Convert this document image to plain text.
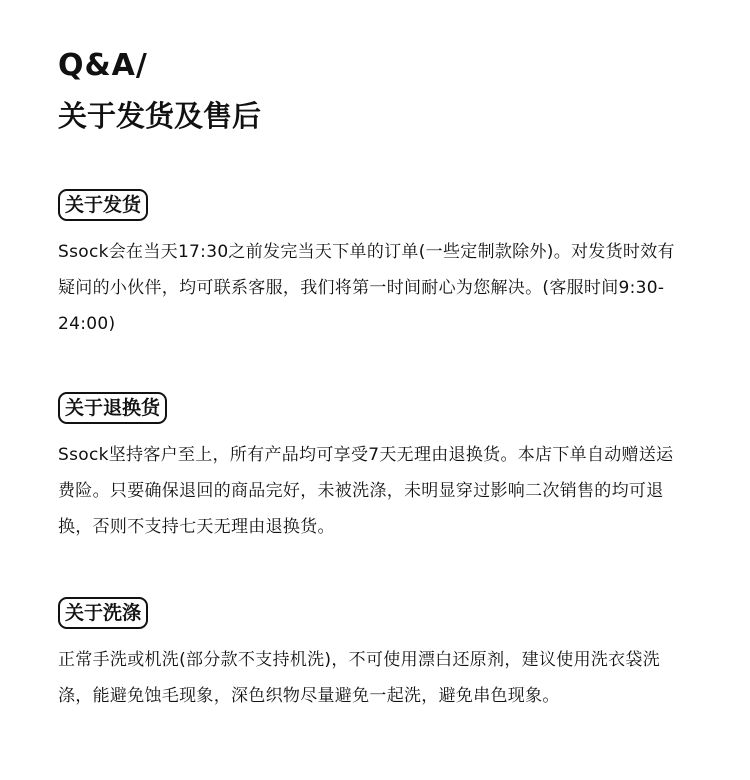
Q&A/
关于发货及售后
关于发货

Ssock会在当天17:30之前发完当天下单的订单(一些定制款除外)。对发货时效有疑问的小伙伴，均可联系客服，我们将第一时间耐心为您解决。(客服时间9:30-24:00)

关于退换货

Ssock坚持客户至上，所有产品均可享受7天无理由退换货。本店下单自动赠送运费险。只要确保退回的商品完好，未被洗涤，未明显穿过影响二次销售的均可退换，否则不支持七天无理由退换货。

关于洗涤

正常手洗或机洗(部分款不支持机洗)，不可使用漂白还原剂，建议使用洗衣袋洗涤，能避免蚀毛现象，深色织物尽量避免一起洗，避免串色现象。
